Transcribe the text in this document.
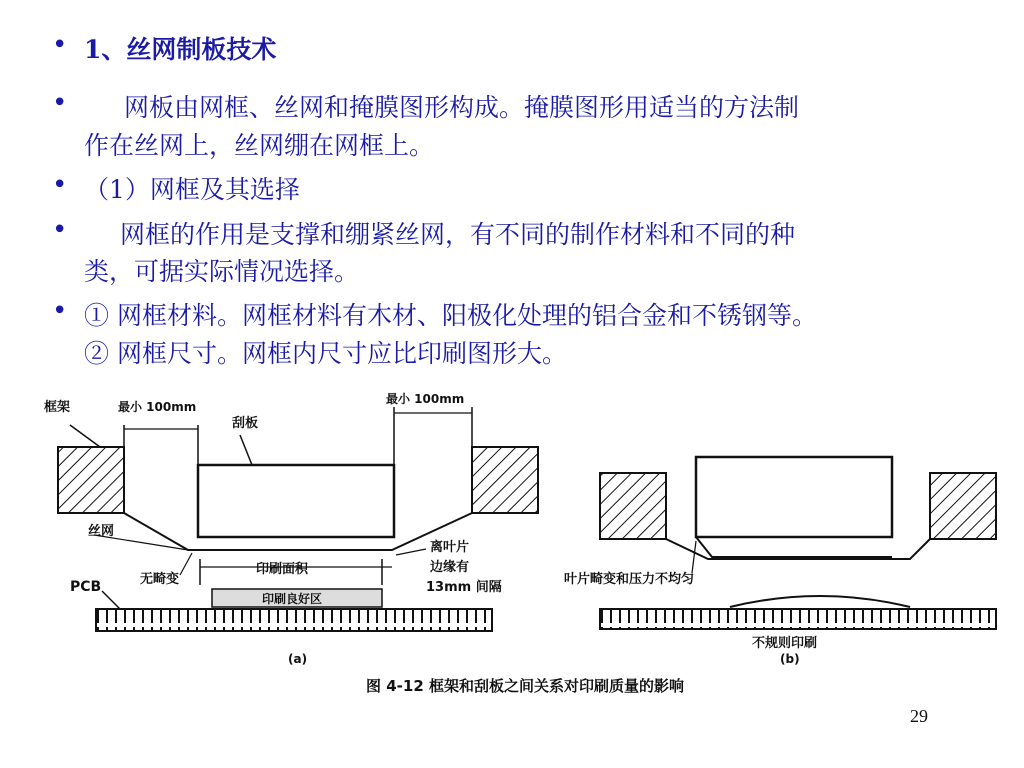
• 1、丝网制板技术
• 网板由网框、丝网和掩膜图形构成。掩膜图形用适当的方法制
作在丝网上，丝网绷在网框上。
• （1）网框及其选择
• 网框的作用是支撑和绷紧丝网，有不同的制作材料和不同的种
类，可据实际情况选择。
• ① 网框材料。网框材料有木材、阳极化处理的铝合金和不锈钢等。
② 网框尺寸。网框内尺寸应比印刷图形大。
框架	最小 100mm
最小 100mm
刮板
丝网
无畸变
印刷面积
印刷良好区
PCB
离叶片
边缘有
13mm 间隔
(a)
叶片畸变和压力不均匀
不规则印刷
(b)
图 4-12 框架和刮板之间关系对印刷质量的影响
29
